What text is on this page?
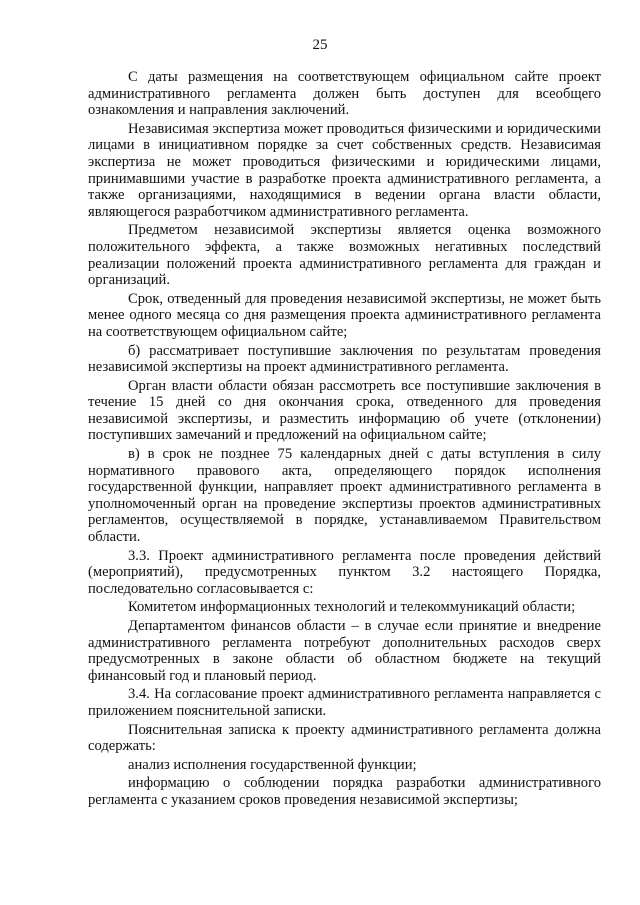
25

С даты размещения на соответствующем официальном сайте проект административного регламента должен быть доступен для всеобщего ознакомления и направления заключений.

Независимая экспертиза может проводиться физическими и юридическими лицами в инициативном порядке за счет собственных средств. Независимая экспертиза не может проводиться физическими и юридическими лицами, принимавшими участие в разработке проекта административного регламента, а также организациями, находящимися в ведении органа власти области, являющегося разработчиком административного регламента.

Предметом независимой экспертизы является оценка возможного положительного эффекта, а также возможных негативных последствий реализации положений проекта административного регламента для граждан и организаций.

Срок, отведенный для проведения независимой экспертизы, не может быть менее одного месяца со дня размещения проекта административного регламента на соответствующем официальном сайте;

б) рассматривает поступившие заключения по результатам проведения независимой экспертизы на проект административного регламента.

Орган власти области обязан рассмотреть все поступившие заключения в течение 15 дней со дня окончания срока, отведенного для проведения независимой экспертизы, и разместить информацию об учете (отклонении) поступивших замечаний и предложений на официальном сайте;

в) в срок не позднее 75 календарных дней с даты вступления в силу нормативного правового акта, определяющего порядок исполнения государственной функции, направляет проект административного регламента в уполномоченный орган на проведение экспертизы проектов административных регламентов, осуществляемой в порядке, устанавливаемом Правительством области.

3.3. Проект административного регламента после проведения действий (мероприятий), предусмотренных пунктом 3.2 настоящего Порядка, последовательно согласовывается с:

Комитетом информационных технологий и телекоммуникаций области;

Департаментом финансов области – в случае если принятие и внедрение административного регламента потребуют дополнительных расходов сверх предусмотренных в законе области об областном бюджете на текущий финансовый год и плановый период.

3.4. На согласование проект административного регламента направляется с приложением пояснительной записки.

Пояснительная записка к проекту административного регламента должна содержать:

анализ исполнения государственной функции;

информацию о соблюдении порядка разработки административного регламента с указанием сроков проведения независимой экспертизы;
